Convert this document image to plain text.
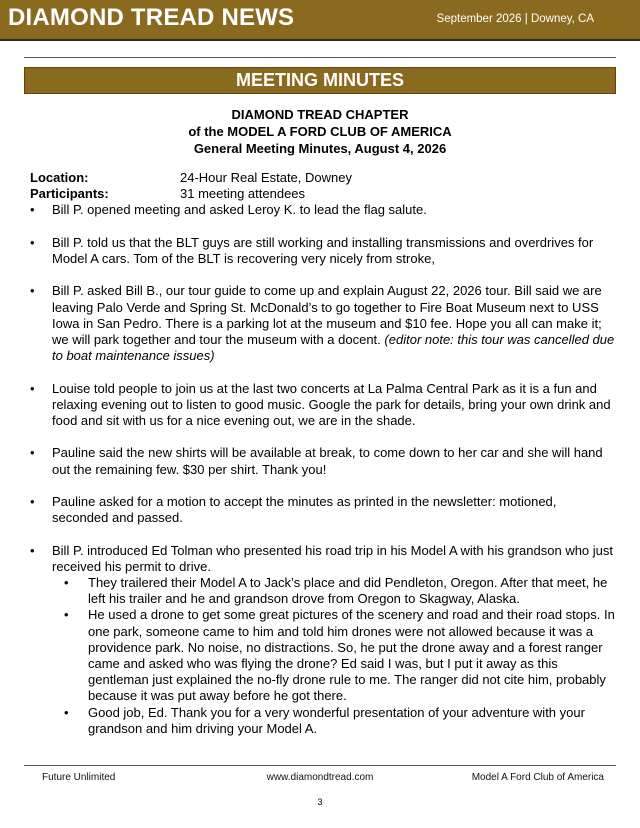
DIAMOND TREAD NEWS	September 2026 | Downey, CA
MEETING MINUTES
DIAMOND TREAD CHAPTER
of the MODEL A FORD CLUB OF AMERICA
General Meeting Minutes, August 4, 2026
Location:	24-Hour Real Estate, Downey
Participants:	31 meeting attendees
•	Bill P. opened meeting and asked Leroy K. to lead the flag salute.
•	Bill P. told us that the BLT guys are still working and installing transmissions and overdrives for Model A cars. Tom of the BLT is recovering very nicely from stroke,
•	Bill P. asked Bill B., our tour guide to come up and explain August 22, 2026 tour. Bill said we are leaving Palo Verde and Spring St. McDonald’s to go together to Fire Boat Museum next to USS Iowa in San Pedro. There is a parking lot at the museum and $10 fee. Hope you all can make it; we will park together and tour the museum with a docent. (editor note: this tour was cancelled due to boat maintenance issues)
•	Louise told people to join us at the last two concerts at La Palma Central Park as it is a fun and relaxing evening out to listen to good music. Google the park for details, bring your own drink and food and sit with us for a nice evening out, we are in the shade.
•	Pauline said the new shirts will be available at break, to come down to her car and she will hand out the remaining few. $30 per shirt. Thank you!
•	Pauline asked for a motion to accept the minutes as printed in the newsletter: motioned, seconded and passed.
•	Bill P. introduced Ed Tolman who presented his road trip in his Model A with his grandson who just received his permit to drive.
•	They trailered their Model A to Jack’s place and did Pendleton, Oregon. After that meet, he left his trailer and he and grandson drove from Oregon to Skagway, Alaska.
•	He used a drone to get some great pictures of the scenery and road and their road stops. In one park, someone came to him and told him drones were not allowed because it was a providence park. No noise, no distractions. So, he put the drone away and a forest ranger came and asked who was flying the drone? Ed said I was, but I put it away as this gentleman just explained the no-fly drone rule to me. The ranger did not cite him, probably because it was put away before he got there.
•	Good job, Ed. Thank you for a very wonderful presentation of your adventure with your grandson and him driving your Model A.
Future Unlimited	www.diamondtread.com	Model A Ford Club of America
3
